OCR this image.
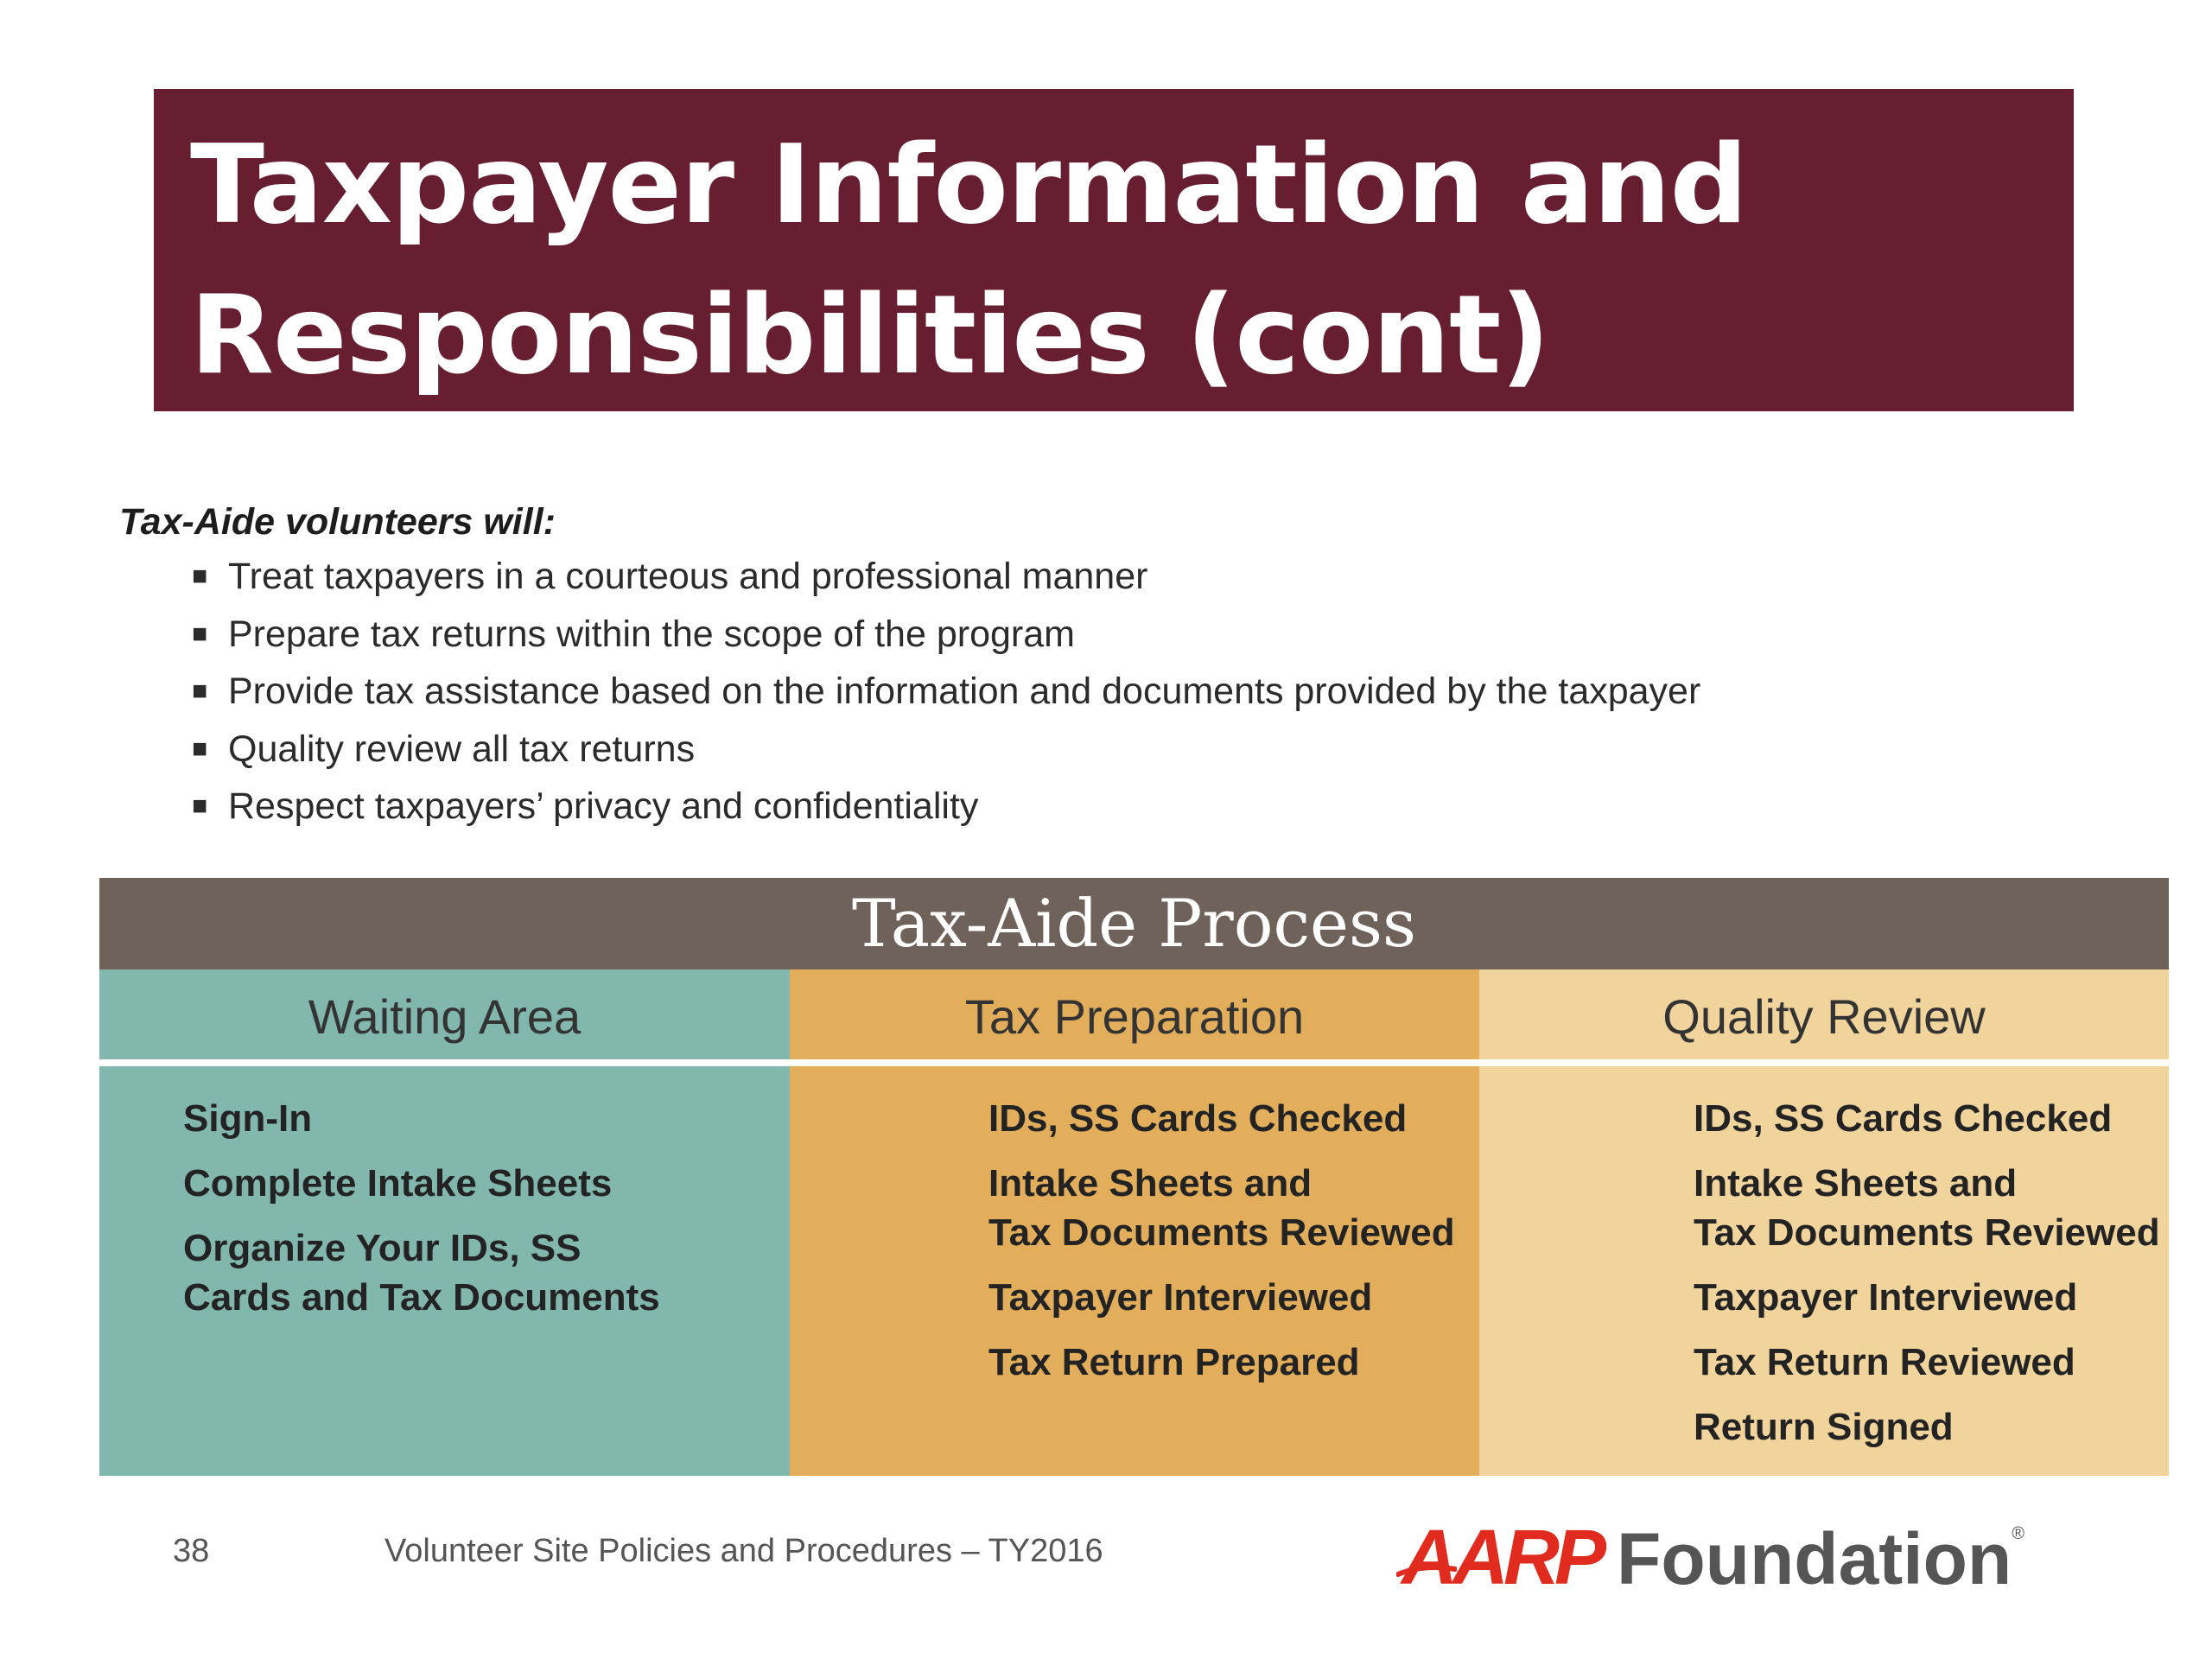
Taxpayer Information and
Responsibilities (cont)

Tax-Aide volunteers will:

■ Treat taxpayers in a courteous and professional manner
■ Prepare tax returns within the scope of the program
■ Provide tax assistance based on the information and documents provided by the taxpayer
■ Quality review all tax returns
■ Respect taxpayers’ privacy and confidentiality
Tax-Aide Process
Waiting Area
Sign-In
Complete Intake Sheets
Organize Your IDs, SS
Cards and Tax Documents
Tax Preparation
IDs, SS Cards Checked
Intake Sheets and
Tax Documents Reviewed
Taxpayer Interviewed
Tax Return Prepared
Quality Review
IDs, SS Cards Checked
Intake Sheets and
Tax Documents Reviewed
Taxpayer Interviewed
Tax Return Reviewed
Return Signed
38	Volunteer Site Policies and Procedures – TY2016	AARP Foundation®
